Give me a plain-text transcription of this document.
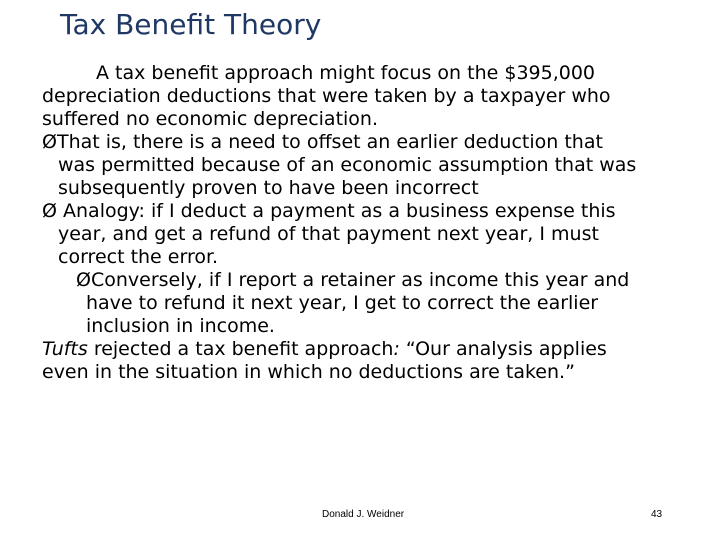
Tax Benefit Theory
A tax benefit approach might focus on the $395,000
depreciation deductions that were taken by a taxpayer who
suffered no economic depreciation.
ØThat is, there is a need to offset an earlier deduction that
was permitted because of an economic assumption that was
subsequently proven to have been incorrect
Ø Analogy: if I deduct a payment as a business expense this
year, and get a refund of that payment next year, I must
correct the error.
ØConversely, if I report a retainer as income this year and
have to refund it next year, I get to correct the earlier
inclusion in income.
Tufts rejected a tax benefit approach: “Our analysis applies
even in the situation in which no deductions are taken.”
Donald J. Weidner	43
